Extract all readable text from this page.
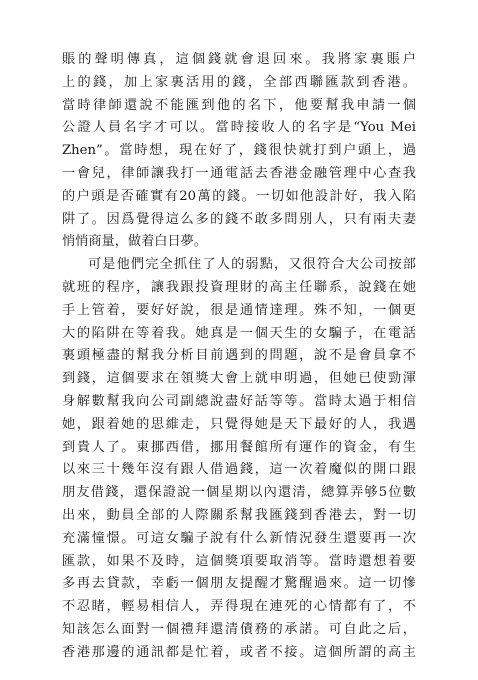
賬的聲明傳真，這個錢就會退回來。我將家裏賬户
上的錢，加上家裏活用的錢，全部西聯匯款到香港。
當時律師還說不能匯到他的名下，他要幫我申請一個
公證人員名字才可以。當時接收人的名字是“You Mei
Zhen”。當時想，現在好了，錢很快就打到户頭上，過
一會兒，律師讓我打一通電話去香港金融管理中心查我
的户頭是否確實有20萬的錢。一切如他設計好，我入陷
阱了。因爲覺得這么多的錢不敢多問別人，只有兩夫妻
悄悄商量，做着白日夢。
可是他們完全抓住了人的弱點，又很符合大公司按部
就班的程序，讓我跟投資理財的高主任聯系，說錢在她
手上管着，要好好說，很是通情達理。殊不知，一個更
大的陷阱在等着我。她真是一個天生的女騙子，在電話
裏頭極盡的幫我分析目前遇到的問題，說不是會員拿不
到錢，這個要求在領獎大會上就申明過，但她已使勁渾
身解數幫我向公司副總說盡好話等等。當時太過于相信
她，跟着她的思維走，只覺得她是天下最好的人，我遇
到貴人了。東挪西借，挪用餐館所有運作的資金，有生
以來三十幾年沒有跟人借過錢，這一次着魔似的開口跟
朋友借錢，還保證說一個星期以內還清，總算弄够5位數
出來，動員全部的人際關系幫我匯錢到香港去，對一切
充滿憧憬。可這女騙子說有什么新情況發生還要再一次
匯款，如果不及時，這個獎項要取消等。當時還想着要
多再去貸款，幸虧一個朋友提醒才驚醒過來。這一切慘
不忍睹，輕易相信人，弄得現在連死的心情都有了，不
知該怎么面對一個禮拜還清債務的承諾。可自此之后，
香港那邊的通訊都是忙着，或者不接。這個所謂的高主
